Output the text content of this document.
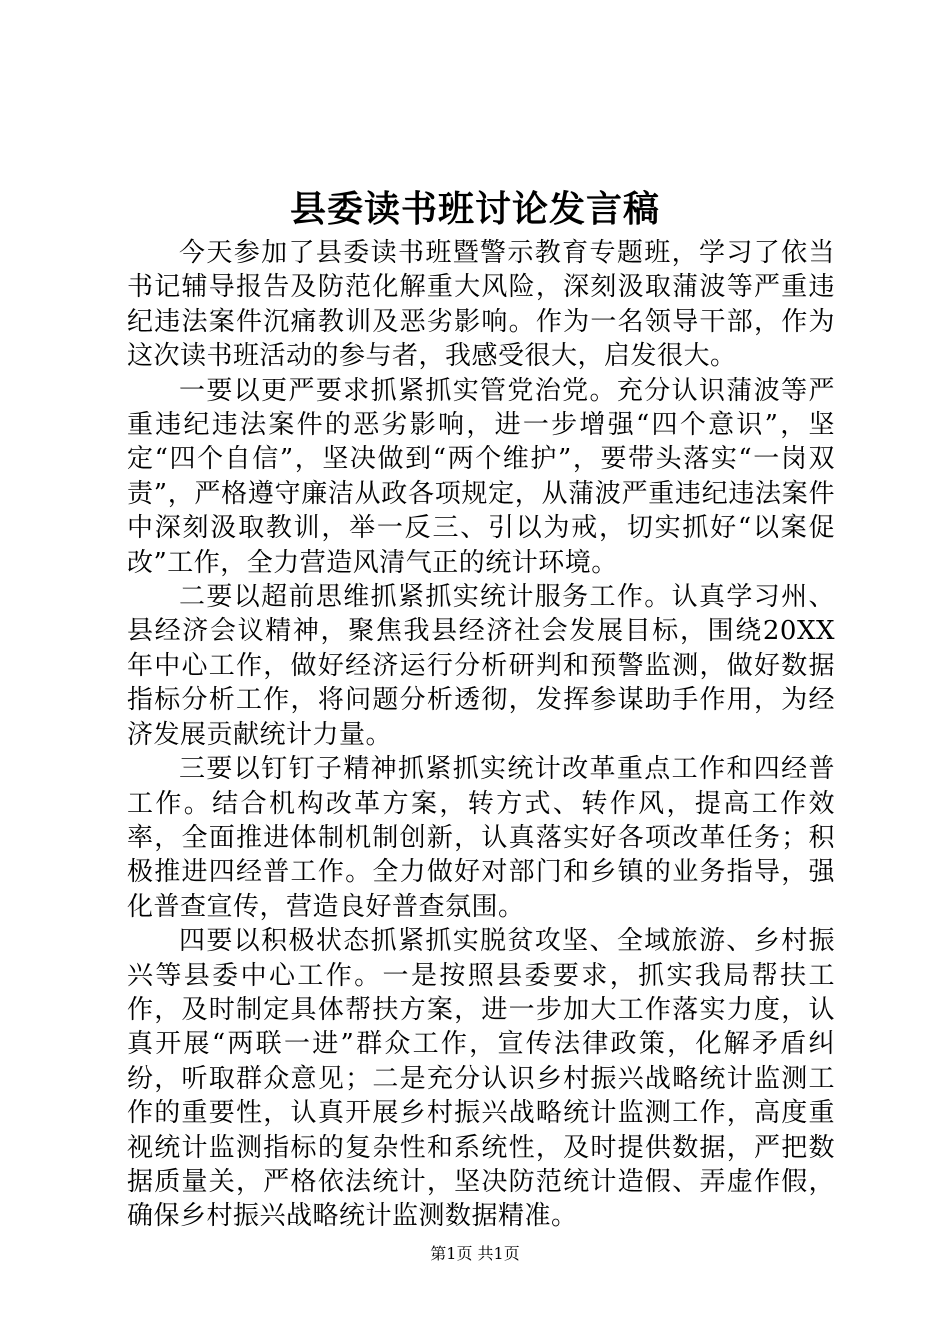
县委读书班讨论发言稿

今天参加了县委读书班暨警示教育专题班，学习了依当书记辅导报告及防范化解重大风险，深刻汲取蒲波等严重违纪违法案件沉痛教训及恶劣影响。作为一名领导干部，作为这次读书班活动的参与者，我感受很大，启发很大。

一要以更严要求抓紧抓实管党治党。充分认识蒲波等严重违纪违法案件的恶劣影响，进一步增强“四个意识”，坚定“四个自信”，坚决做到“两个维护”，要带头落实“一岗双责”，严格遵守廉洁从政各项规定，从蒲波严重违纪违法案件中深刻汲取教训，举一反三、引以为戒，切实抓好“以案促改”工作，全力营造风清气正的统计环境。

二要以超前思维抓紧抓实统计服务工作。认真学习州、县经济会议精神，聚焦我县经济社会发展目标，围绕20XX年中心工作，做好经济运行分析研判和预警监测，做好数据指标分析工作，将问题分析透彻，发挥参谋助手作用，为经济发展贡献统计力量。

三要以钉钉子精神抓紧抓实统计改革重点工作和四经普工作。结合机构改革方案，转方式、转作风，提高工作效率，全面推进体制机制创新，认真落实好各项改革任务；积极推进四经普工作。全力做好对部门和乡镇的业务指导，强化普查宣传，营造良好普查氛围。

四要以积极状态抓紧抓实脱贫攻坚、全域旅游、乡村振兴等县委中心工作。一是按照县委要求，抓实我局帮扶工作，及时制定具体帮扶方案，进一步加大工作落实力度，认真开展“两联一进”群众工作，宣传法律政策，化解矛盾纠纷，听取群众意见；二是充分认识乡村振兴战略统计监测工作的重要性，认真开展乡村振兴战略统计监测工作，高度重视统计监测指标的复杂性和系统性，及时提供数据，严把数据质量关，严格依法统计，坚决防范统计造假、弄虚作假，确保乡村振兴战略统计监测数据精准。

第1页 共1页
